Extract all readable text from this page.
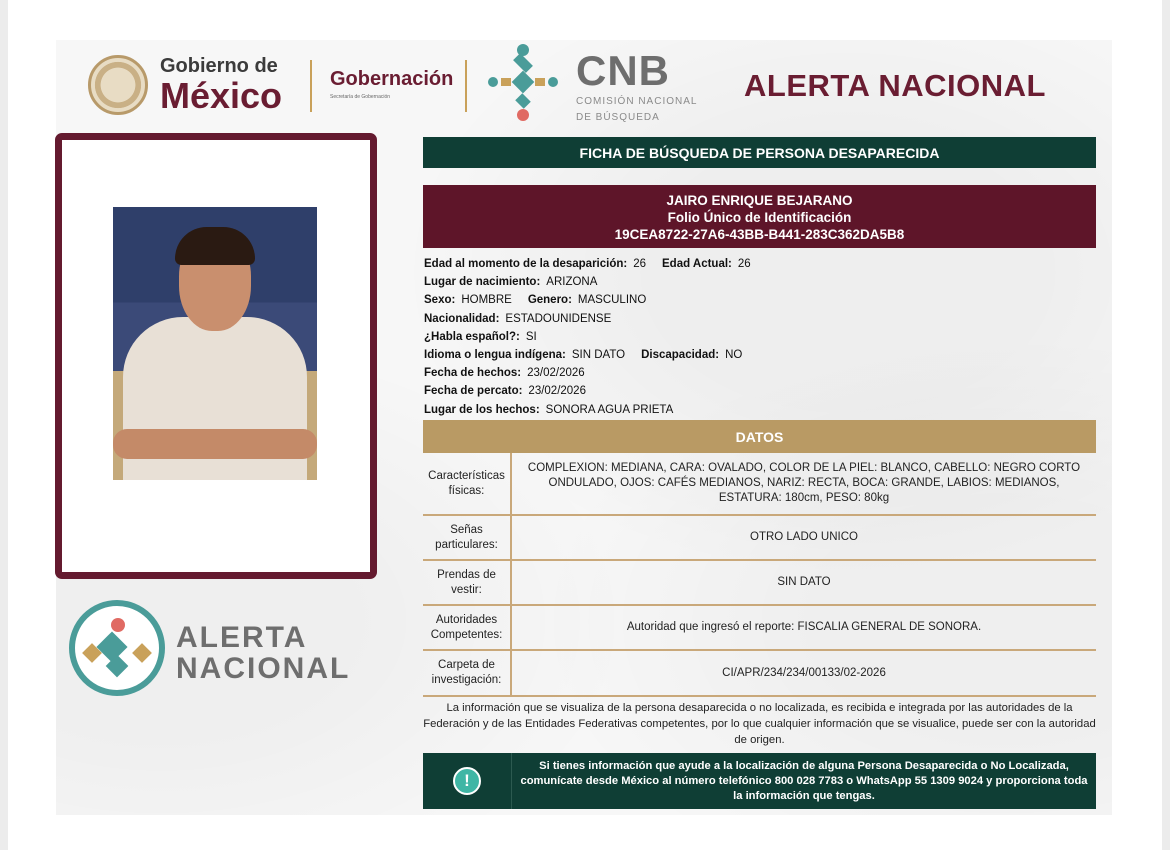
Gobierno de
México Gobernación
Secretaría de Gobernación
CNB
COMISIÓN NACIONAL
DE BÚSQUEDA
ALERTA NACIONAL
ALERTA
NACIONAL
FICHA DE BÚSQUEDA DE PERSONA DESAPARECIDA
JAIRO ENRIQUE BEJARANO
Folio Único de Identificación
19CEA8722-27A6-43BB-B441-283C362DA5B8
Edad al momento de la desaparición: 26 Edad Actual: 26
Lugar de nacimiento: ARIZONA
Sexo: HOMBRE Genero: MASCULINO
Nacionalidad: ESTADOUNIDENSE
¿Habla español?: SI
Idioma o lengua indígena: SIN DATO Discapacidad: NO
Fecha de hechos: 23/02/2026
Fecha de percato: 23/02/2026
Lugar de los hechos: SONORA AGUA PRIETA
DATOS
Características físicas:
COMPLEXION: MEDIANA, CARA: OVALADO, COLOR DE LA PIEL: BLANCO, CABELLO: NEGRO CORTO ONDULADO, OJOS: CAFÉS MEDIANOS, NARIZ: RECTA, BOCA: GRANDE, LABIOS: MEDIANOS, ESTATURA: 180cm, PESO: 80kg
Señas particulares:
OTRO LADO UNICO
Prendas de vestir:
SIN DATO
Autoridades Competentes:
Autoridad que ingresó el reporte: FISCALIA GENERAL DE SONORA.
Carpeta de investigación:
CI/APR/234/234/00133/02-2026
La información que se visualiza de la persona desaparecida o no localizada, es recibida e integrada por las autoridades de la Federación y de las Entidades Federativas competentes, por lo que cualquier información que se visualice, puede ser con la autoridad de origen.
!
Si tienes información que ayude a la localización de alguna Persona Desaparecida o No Localizada, comunícate desde México al número telefónico 800 028 7783 o WhatsApp 55 1309 9024 y proporciona toda la información que tengas.
